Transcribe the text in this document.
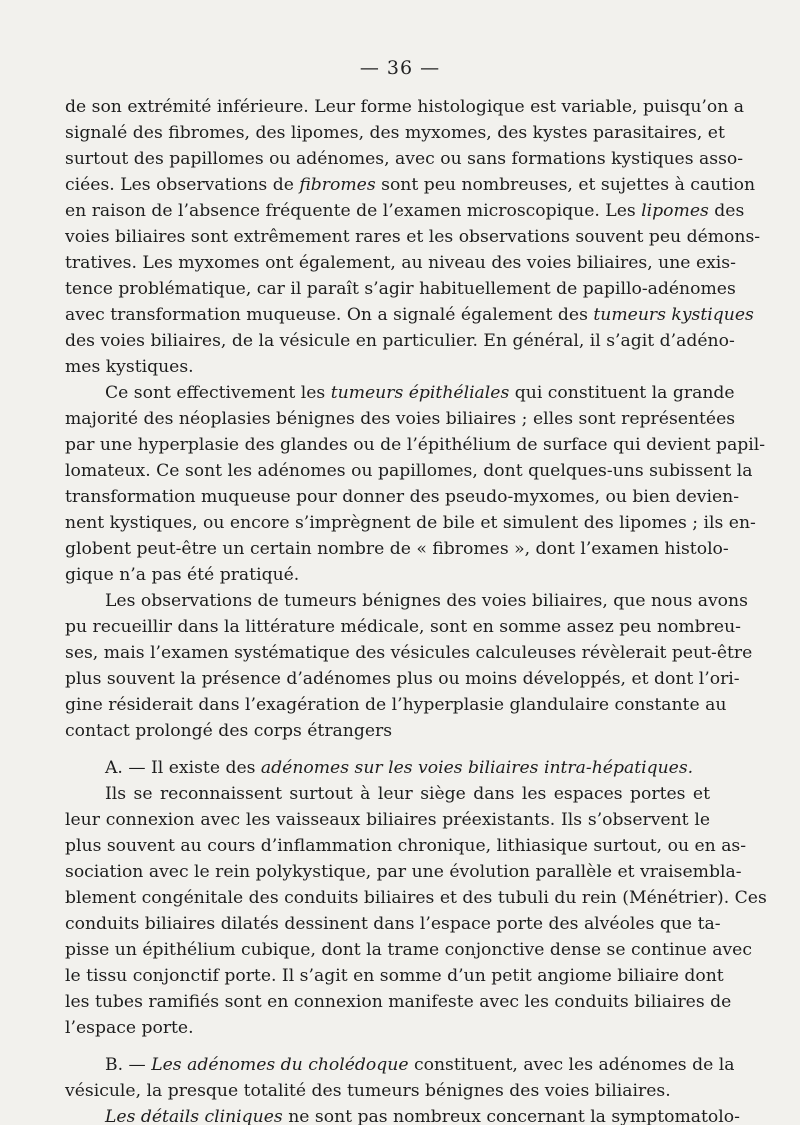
— 36 —
de son extrémité inférieure. Leur forme histologique est variable, puisqu’on a
signalé des fibromes, des lipomes, des myxomes, des kystes parasitaires, et
surtout des papillomes ou adénomes, avec ou sans formations kystiques asso-
ciées. Les observations de fibromes sont peu nombreuses, et sujettes à caution
en raison de l’absence fréquente de l’examen microscopique. Les lipomes des
voies biliaires sont extrêmement rares et les observations souvent peu démons-
tratives. Les myxomes ont également, au niveau des voies biliaires, une exis-
tence problématique, car il paraît s’agir habituellement de papillo-adénomes
avec transformation muqueuse. On a signalé également des tumeurs kystiques
des voies biliaires, de la vésicule en particulier. En général, il s’agit d’adéno-
mes kystiques.
Ce sont effectivement les tumeurs épithéliales qui constituent la grande
majorité des néoplasies bénignes des voies biliaires ; elles sont représentées
par une hyperplasie des glandes ou de l’épithélium de surface qui devient papil-
lomateux. Ce sont les adénomes ou papillomes, dont quelques-uns subissent la
transformation muqueuse pour donner des pseudo-myxomes, ou bien devien-
nent kystiques, ou encore s’imprègnent de bile et simulent des lipomes ; ils en-
globent peut-être un certain nombre de « fibromes », dont l’examen histolo-
gique n’a pas été pratiqué.
Les observations de tumeurs bénignes des voies biliaires, que nous avons
pu recueillir dans la littérature médicale, sont en somme assez peu nombreu-
ses, mais l’examen systématique des vésicules calculeuses révèlerait peut-être
plus souvent la présence d’adénomes plus ou moins développés, et dont l’ori-
gine résiderait dans l’exagération de l’hyperplasie glandulaire constante au
contact prolongé des corps étrangers
A. — Il existe des adénomes sur les voies biliaires intra-hépatiques.
Ils se reconnaissent surtout à leur siège dans les espaces portes et
leur connexion avec les vaisseaux biliaires préexistants. Ils s’observent le
plus souvent au cours d’inflammation chronique, lithiasique surtout, ou en as-
sociation avec le rein polykystique, par une évolution parallèle et vraisembla-
blement congénitale des conduits biliaires et des tubuli du rein (Ménétrier). Ces
conduits biliaires dilatés dessinent dans l’espace porte des alvéoles que ta-
pisse un épithélium cubique, dont la trame conjonctive dense se continue avec
le tissu conjonctif porte. Il s’agit en somme d’un petit angiome biliaire dont
les tubes ramifiés sont en connexion manifeste avec les conduits biliaires de
l’espace porte.
B. — Les adénomes du cholédoque constituent, avec les adénomes de la
vésicule, la presque totalité des tumeurs bénignes des voies biliaires.
Les détails cliniques ne sont pas nombreux concernant la symptomatolo-
